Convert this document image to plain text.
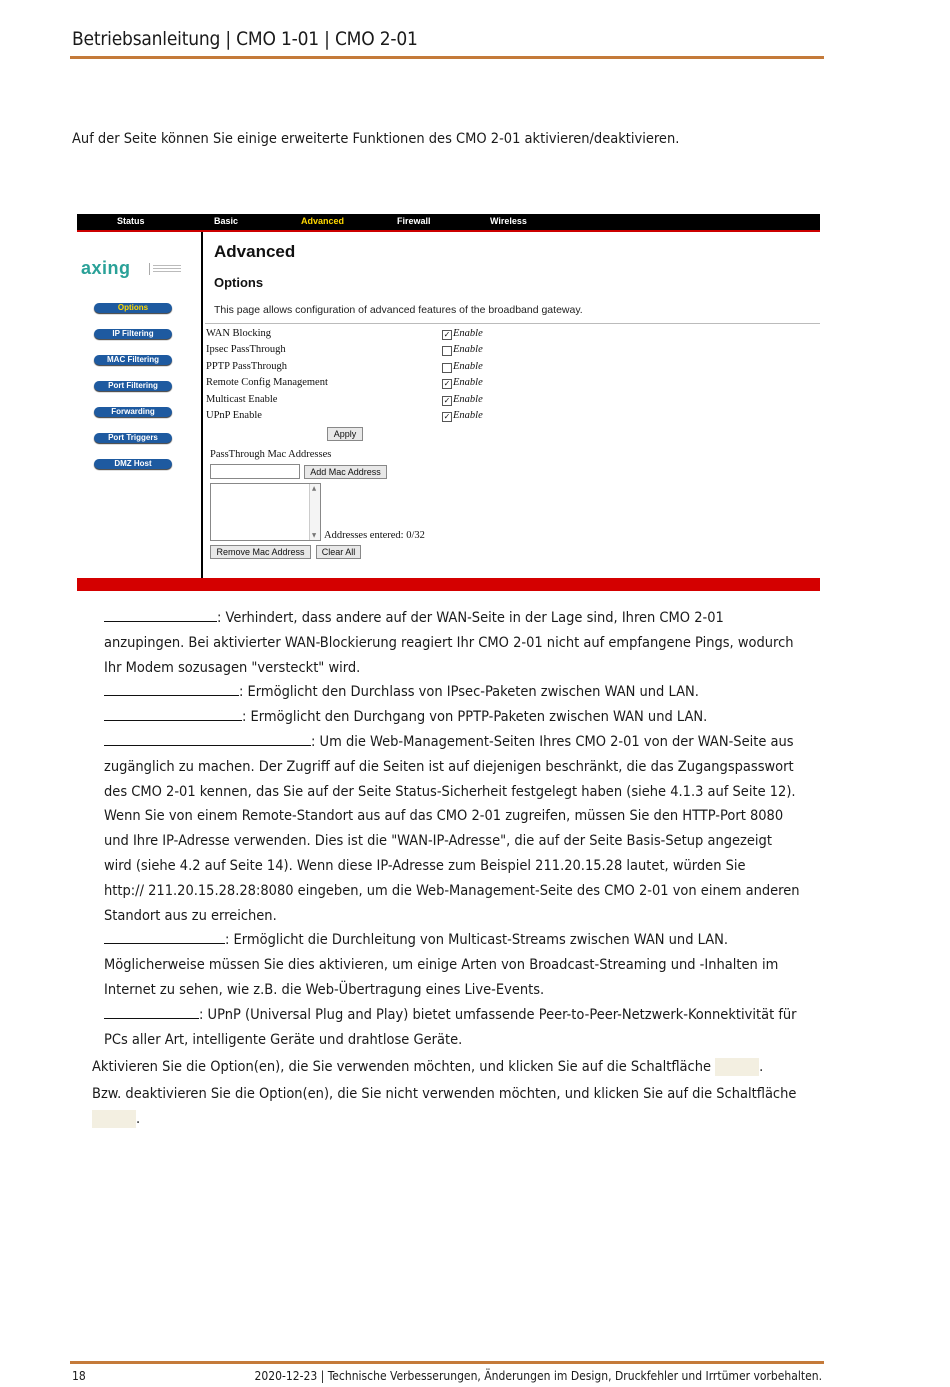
Betriebsanleitung | CMO 1-01 | CMO 2-01
Auf der Seite können Sie einige erweiterte Funktionen des CMO 2-01 aktivieren/deaktivieren.
Status	Basic	Advanced	Firewall	Wireless
axing
Options
IP Filtering
MAC Filtering
Port Filtering
Forwarding
Port Triggers
DMZ Host
Advanced
Options
This page allows configuration of advanced features of the broadband gateway.
WAN Blocking	✓ Enable
Ipsec PassThrough	Enable
PPTP PassThrough	Enable
Remote Config Management	✓ Enable
Multicast Enable	✓ Enable
UPnP Enable	✓ Enable
Apply
PassThrough Mac Addresses
Add Mac Address
▲
▼ Addresses entered: 0/32
Remove Mac Address	Clear All
: Verhindert, dass andere auf der WAN-Seite in der Lage sind, Ihren CMO 2-01
anzupingen. Bei aktivierter WAN-Blockierung reagiert Ihr CMO 2-01 nicht auf empfangene Pings, wodurch
Ihr Modem sozusagen "versteckt" wird.
: Ermöglicht den Durchlass von IPsec-Paketen zwischen WAN und LAN.
: Ermöglicht den Durchgang von PPTP-Paketen zwischen WAN und LAN.
: Um die Web-Management-Seiten Ihres CMO 2-01 von der WAN-Seite aus
zugänglich zu machen. Der Zugriff auf die Seiten ist auf diejenigen beschränkt, die das Zugangspasswort
des CMO 2-01 kennen, das Sie auf der Seite Status-Sicherheit festgelegt haben (siehe 4.1.3 auf Seite 12).
Wenn Sie von einem Remote-Standort aus auf das CMO 2-01 zugreifen, müssen Sie den HTTP-Port 8080
und Ihre IP-Adresse verwenden. Dies ist die "WAN-IP-Adresse", die auf der Seite Basis-Setup angezeigt
wird (siehe 4.2 auf Seite 14). Wenn diese IP-Adresse zum Beispiel 211.20.15.28 lautet, würden Sie
http:// 211.20.15.28.28:8080 eingeben, um die Web-Management-Seite des CMO 2-01 von einem anderen
Standort aus zu erreichen.
: Ermöglicht die Durchleitung von Multicast-Streams zwischen WAN und LAN.
Möglicherweise müssen Sie dies aktivieren, um einige Arten von Broadcast-Streaming und -Inhalten im
Internet zu sehen, wie z.B. die Web-Übertragung eines Live-Events.
: UPnP (Universal Plug and Play) bietet umfassende Peer-to-Peer-Netzwerk-Konnektivität für
PCs aller Art, intelligente Geräte und drahtlose Geräte.
Aktivieren Sie die Option(en), die Sie verwenden möchten, und klicken Sie auf die Schaltfläche	.
Bzw. deaktivieren Sie die Option(en), die Sie nicht verwenden möchten, und klicken Sie auf die Schaltfläche
.
18	2020-12-23 | Technische Verbesserungen, Änderungen im Design, Druckfehler und Irrtümer vorbehalten.
